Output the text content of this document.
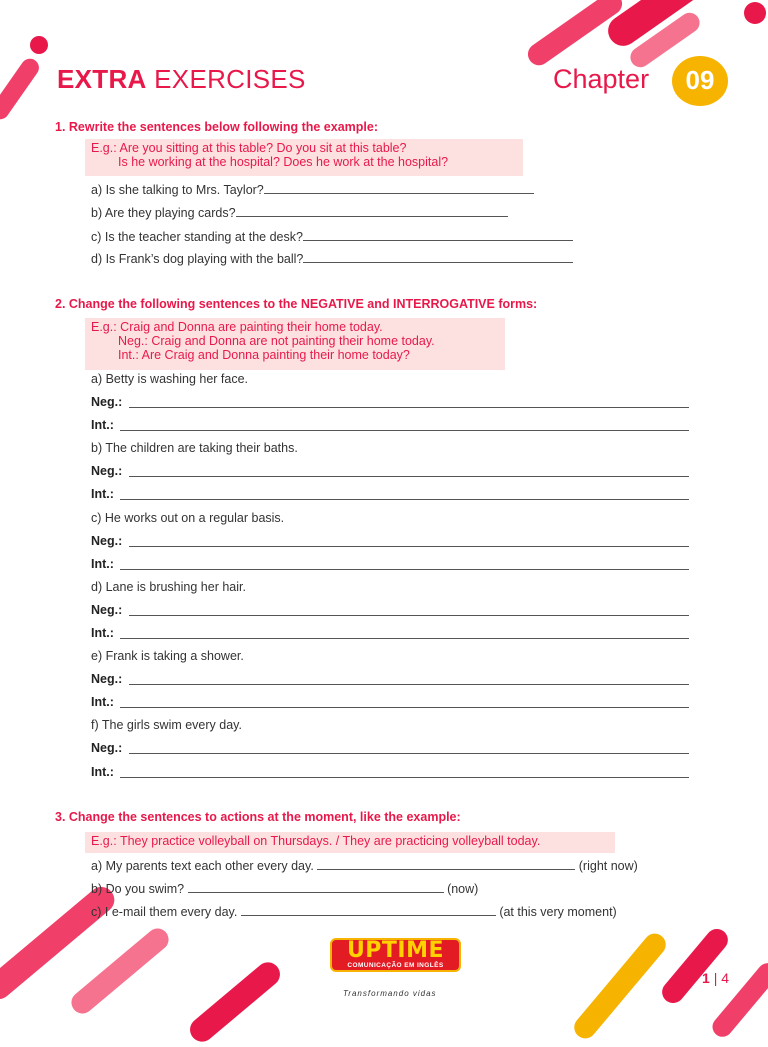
EXTRA EXERCISES	Chapter	09
1. Rewrite the sentences below following the example:
E.g.: Are you sitting at this table? Do you sit at this table?
Is he working at the hospital? Does he work at the hospital?
a) Is she talking to Mrs. Taylor?
b) Are they playing cards?
c) Is the teacher standing at the desk?
d) Is Frank’s dog playing with the ball?
2. Change the following sentences to the NEGATIVE and INTERROGATIVE forms:
E.g.: Craig and Donna are painting their home today.
Neg.: Craig and Donna are not painting their home today.
Int.: Are Craig and Donna painting their home today?
a) Betty is washing her face.
Neg.:
Int.:
b) The children are taking their baths.
Neg.:
Int.:
c) He works out on a regular basis.
Neg.:
Int.:
d) Lane is brushing her hair.
Neg.:
Int.:
e) Frank is taking a shower.
Neg.:
Int.:
f) The girls swim every day.
Neg.:
Int.:
3. Change the sentences to actions at the moment, like the example:
E.g.: They practice volleyball on Thursdays. / They are practicing volleyball today.
a) My parents text each other every day.	(right now)
b) Do you swim?	(now)
c) I e-mail them every day.	(at this very moment)
UPTIME
COMUNICAÇÃO EM INGLÊS
Transformando vidas
1 | 4
